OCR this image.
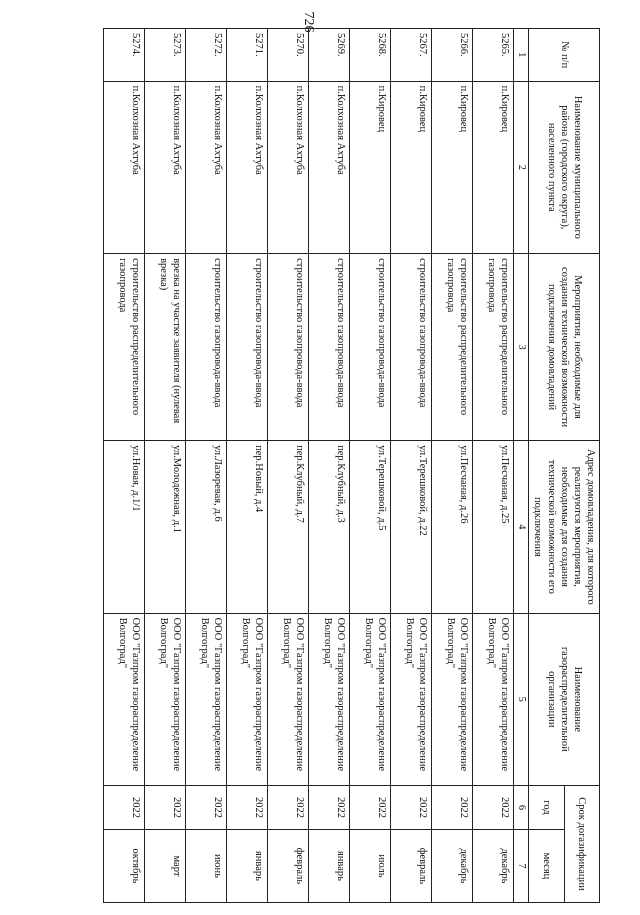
726
№ п/п	Наименование муниципального района (городского округа), населенного пункта	Мероприятия, необходимые для создания технической возможности подключения домовладений	Адрес домовладения, для которого реализуются мероприятия, необходимые для создания технической возможности его подключения	Наименование газораспределительной организации	Срок догазификации	
					год	месяц
1	2	3	4	5	6	7
5265.	п.Кировец	строительство распределительного газопровода	ул.Песчаная, д.25	ООО "Газпром газораспределение Волгоград"	2022	декабрь
5266.	п.Кировец	строительство распределительного газопровода	ул.Песчаная, д.26	ООО "Газпром газораспределение Волгоград"	2022	декабрь
5267.	п.Кировец	строительство газопровода-ввода	ул.Терешковой, д.22	ООО "Газпром газораспределение Волгоград"	2022	февраль
5268.	п.Кировец	строительство газопровода-ввода	ул.Терешковой, д.5	ООО "Газпром газораспределение Волгоград"	2022	июль
5269.	п.Колхозная Ахтуба	строительство газопровода-ввода	пер.Клубный, д.3	ООО "Газпром газораспределение Волгоград"	2022	январь
5270.	п.Колхозная Ахтуба	строительство газопровода-ввода	пер.Клубный, д.7	ООО "Газпром газораспределение Волгоград"	2022	февраль
5271.	п.Колхозная Ахтуба	строительство газопровода-ввода	пер.Новый, д.4	ООО "Газпром газораспределение Волгоград"	2022	январь
5272.	п.Колхозная Ахтуба	строительство газопровода-ввода	ул.Лазоревая, д.6	ООО "Газпром газораспределение Волгоград"	2022	июнь
5273.	п.Колхозная Ахтуба	врезка на участке заявителя (нулевая врезка)	ул.Молодежная, д.1	ООО "Газпром газораспределение Волгоград"	2022	март
5274.	п.Колхозная Ахтуба	строительство распределительного газопровода	ул.Новая, д.1/1	ООО "Газпром газораспределение Волгоград"	2022	октябрь
